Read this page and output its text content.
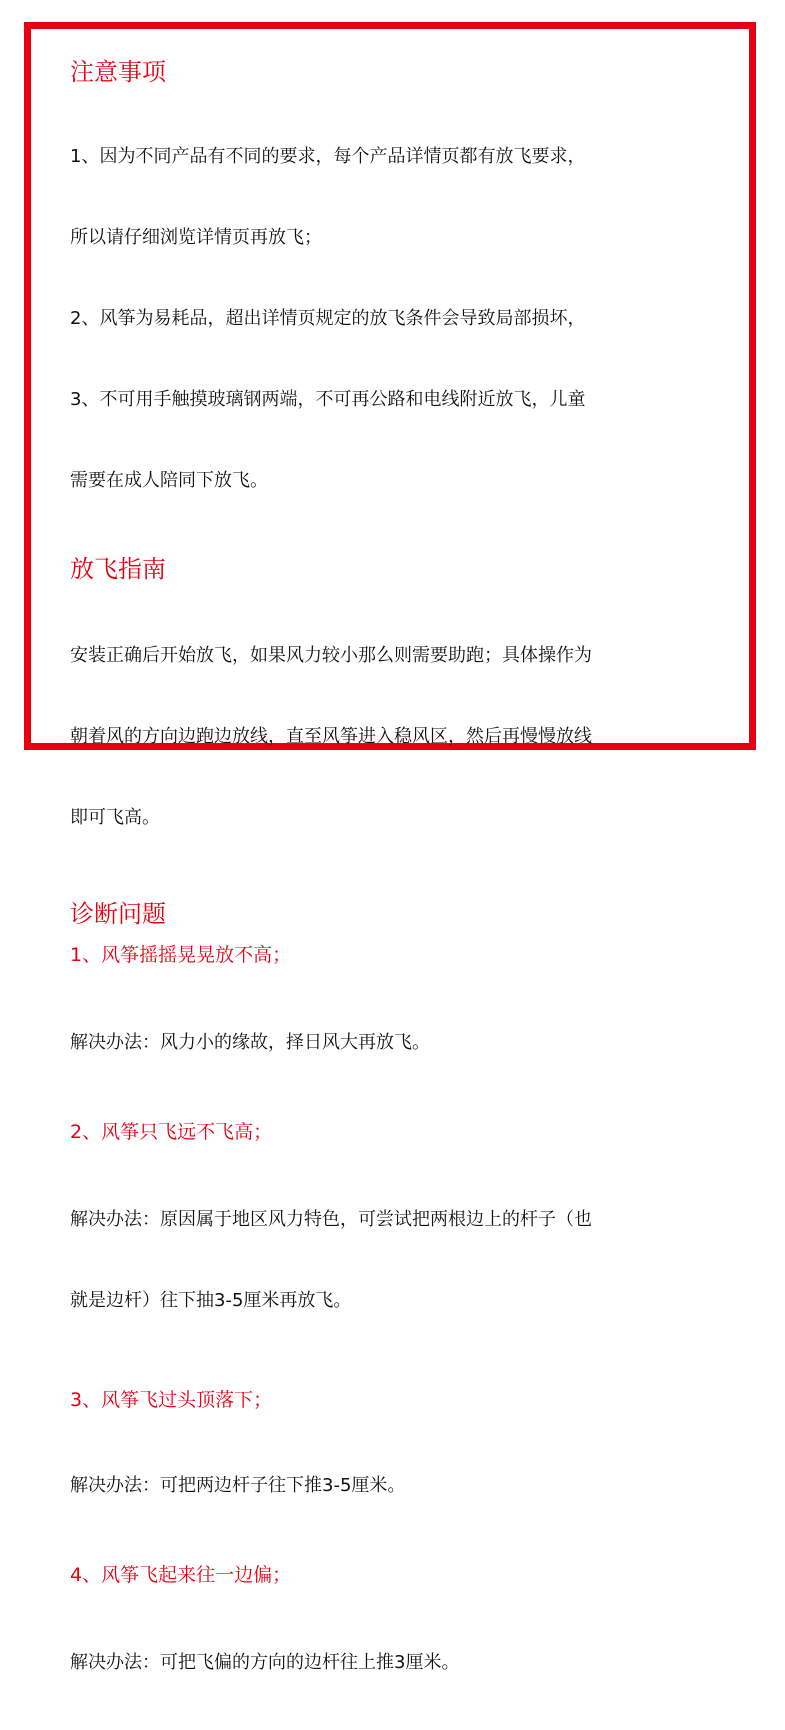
注意事项

1、因为不同产品有不同的要求，每个产品详情页都有放飞要求，

所以请仔细浏览详情页再放飞；

2、风筝为易耗品，超出详情页规定的放飞条件会导致局部损坏，

3、不可用手触摸玻璃钢两端，不可再公路和电线附近放飞，儿童

需要在成人陪同下放飞。

放飞指南

安装正确后开始放飞，如果风力较小那么则需要助跑；具体操作为

朝着风的方向边跑边放线，直至风筝进入稳风区，然后再慢慢放线

即可飞高。

诊断问题
1、风筝摇摇晃晃放不高；

解决办法：风力小的缘故，择日风大再放飞。

2、风筝只飞远不飞高；

解决办法：原因属于地区风力特色，可尝试把两根边上的杆子（也

就是边杆）往下抽3-5厘米再放飞。

3、风筝飞过头顶落下；

解决办法：可把两边杆子往下推3-5厘米。

4、风筝飞起来往一边偏；

解决办法：可把飞偏的方向的边杆往上推3厘米。
